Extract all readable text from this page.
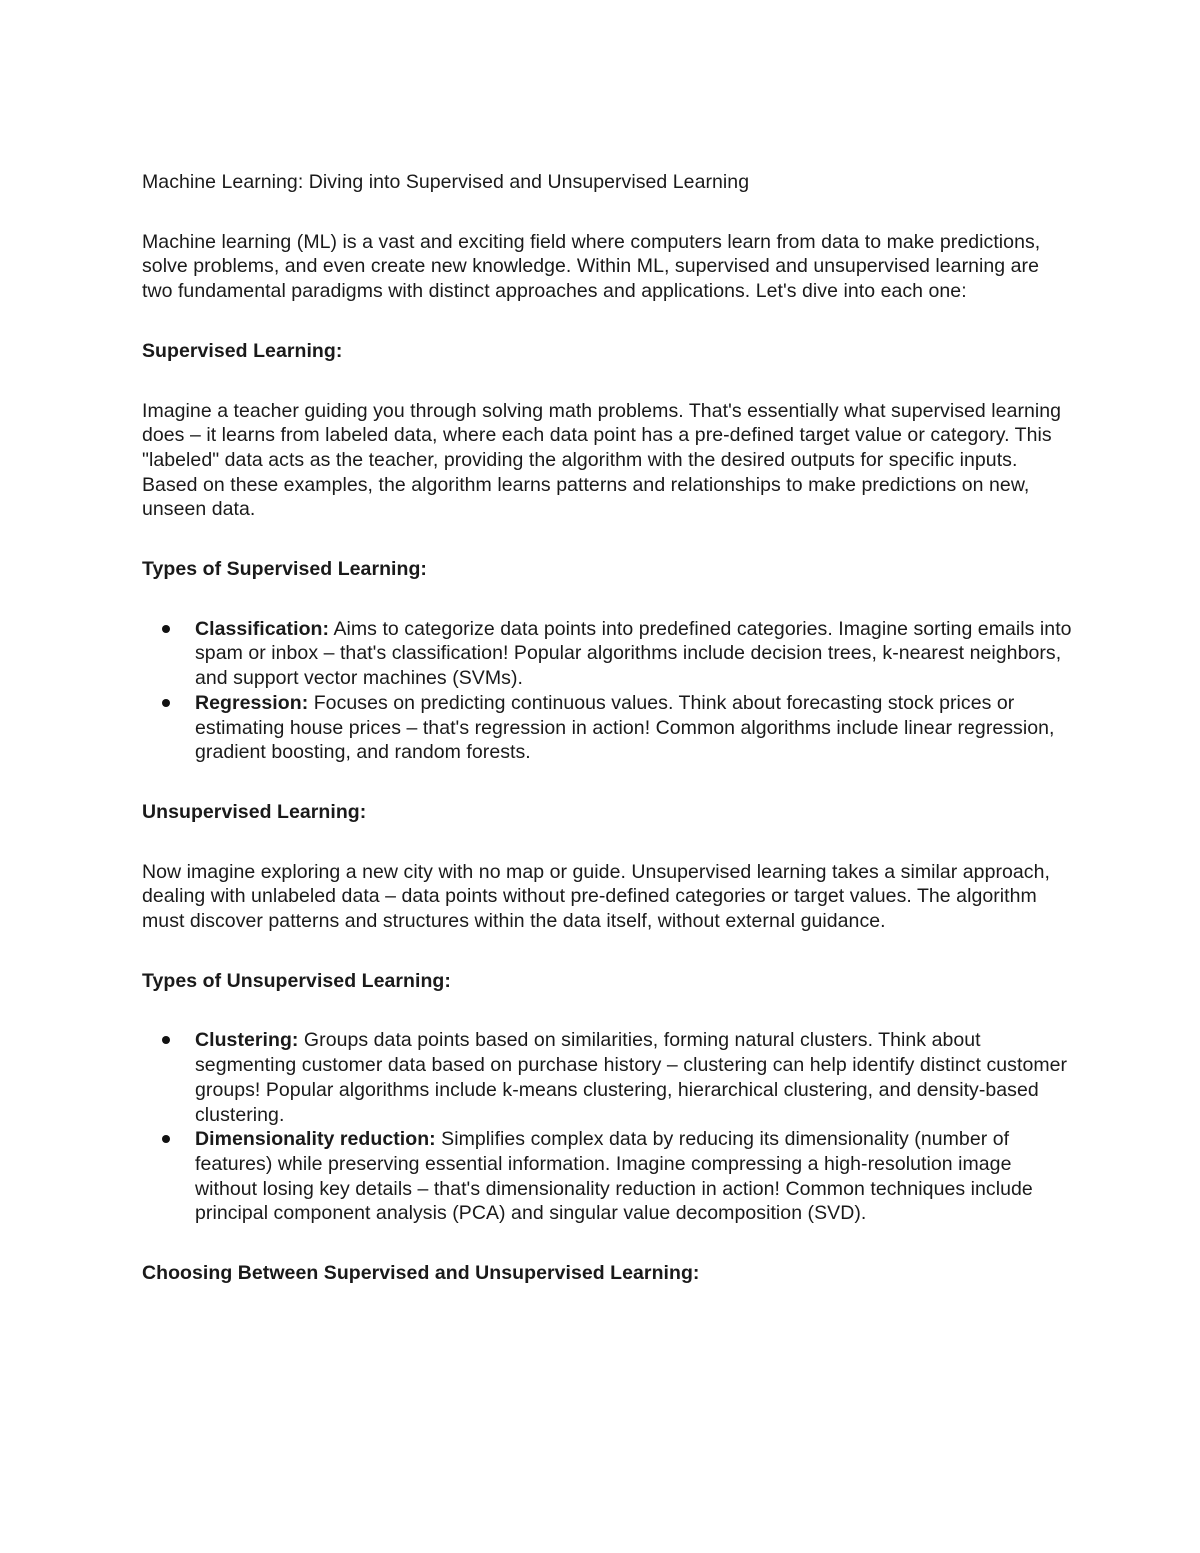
Machine Learning: Diving into Supervised and Unsupervised Learning

Machine learning (ML) is a vast and exciting field where computers learn from data to make predictions, solve problems, and even create new knowledge. Within ML, supervised and unsupervised learning are two fundamental paradigms with distinct approaches and applications. Let's dive into each one:

Supervised Learning:

Imagine a teacher guiding you through solving math problems. That's essentially what supervised learning does – it learns from labeled data, where each data point has a pre-defined target value or category. This "labeled" data acts as the teacher, providing the algorithm with the desired outputs for specific inputs. Based on these examples, the algorithm learns patterns and relationships to make predictions on new, unseen data.

Types of Supervised Learning:

Classification: Aims to categorize data points into predefined categories. Imagine sorting emails into spam or inbox – that's classification! Popular algorithms include decision trees, k-nearest neighbors, and support vector machines (SVMs).
Regression: Focuses on predicting continuous values. Think about forecasting stock prices or estimating house prices – that's regression in action! Common algorithms include linear regression, gradient boosting, and random forests.

Unsupervised Learning:

Now imagine exploring a new city with no map or guide. Unsupervised learning takes a similar approach, dealing with unlabeled data – data points without pre-defined categories or target values. The algorithm must discover patterns and structures within the data itself, without external guidance.

Types of Unsupervised Learning:

Clustering: Groups data points based on similarities, forming natural clusters. Think about segmenting customer data based on purchase history – clustering can help identify distinct customer groups! Popular algorithms include k-means clustering, hierarchical clustering, and density-based clustering.
Dimensionality reduction: Simplifies complex data by reducing its dimensionality (number of features) while preserving essential information. Imagine compressing a high-resolution image without losing key details – that's dimensionality reduction in action! Common techniques include principal component analysis (PCA) and singular value decomposition (SVD).

Choosing Between Supervised and Unsupervised Learning:
